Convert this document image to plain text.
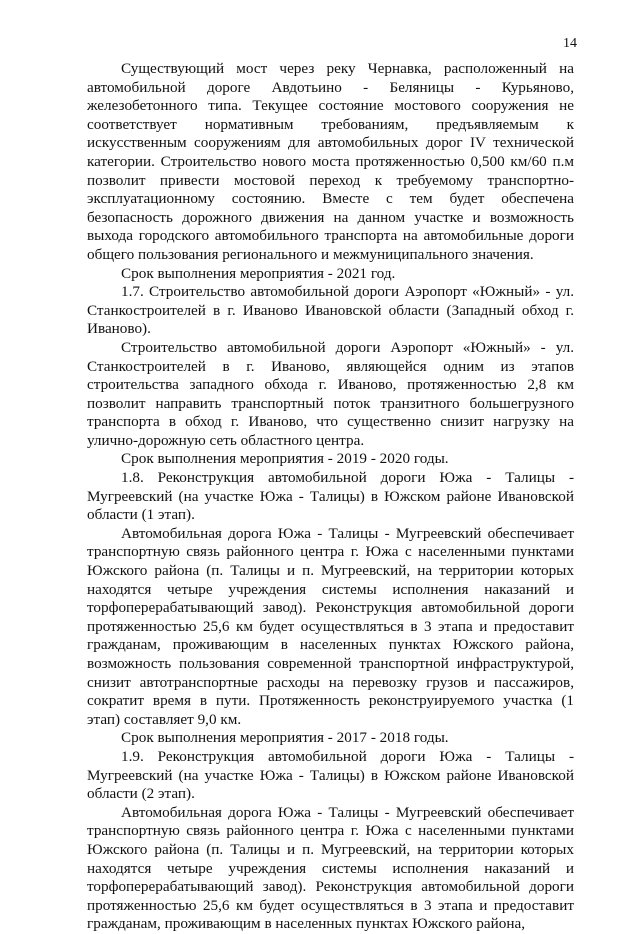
14

Существующий мост через реку Чернавка, расположенный на автомобильной дороге Авдотьино - Беляницы - Курьяново, железобетонного типа. Текущее состояние мостового сооружения не соответствует нормативным требованиям, предъявляемым к искусственным сооружениям для автомобильных дорог IV технической категории. Строительство нового моста протяженностью 0,500 км/60 п.м позволит привести мостовой переход к требуемому транспортно-эксплуатационному состоянию. Вместе с тем будет обеспечена безопасность дорожного движения на данном участке и возможность выхода городского автомобильного транспорта на автомобильные дороги общего пользования регионального и межмуниципального значения.

Срок выполнения мероприятия - 2021 год.

1.7. Строительство автомобильной дороги Аэропорт «Южный» - ул. Станкостроителей в г. Иваново Ивановской области (Западный обход г. Иваново).

Строительство автомобильной дороги Аэропорт «Южный» - ул. Станкостроителей в г. Иваново, являющейся одним из этапов строительства западного обхода г. Иваново, протяженностью 2,8 км позволит направить транспортный поток транзитного большегрузного транспорта в обход г. Иваново, что существенно снизит нагрузку на улично-дорожную сеть областного центра.

Срок выполнения мероприятия - 2019 - 2020 годы.

1.8. Реконструкция автомобильной дороги Южа - Талицы - Мугреевский (на участке Южа - Талицы) в Южском районе Ивановской области (1 этап).

Автомобильная дорога Южа - Талицы - Мугреевский обеспечивает транспортную связь районного центра г. Южа с населенными пунктами Южского района (п. Талицы и п. Мугреевский, на территории которых находятся четыре учреждения системы исполнения наказаний и торфоперерабатывающий завод). Реконструкция автомобильной дороги протяженностью 25,6 км будет осуществляться в 3 этапа и предоставит гражданам, проживающим в населенных пунктах Южского района, возможность пользования современной транспортной инфраструктурой, снизит автотранспортные расходы на перевозку грузов и пассажиров, сократит время в пути. Протяженность реконструируемого участка (1 этап) составляет 9,0 км.

Срок выполнения мероприятия - 2017 - 2018 годы.

1.9. Реконструкция автомобильной дороги Южа - Талицы - Мугреевский (на участке Южа - Талицы) в Южском районе Ивановской области (2 этап).

Автомобильная дорога Южа - Талицы - Мугреевский обеспечивает транспортную связь районного центра г. Южа с населенными пунктами Южского района (п. Талицы и п. Мугреевский, на территории которых находятся четыре учреждения системы исполнения наказаний и торфоперерабатывающий завод). Реконструкция автомобильной дороги протяженностью 25,6 км будет осуществляться в 3 этапа и предоставит гражданам, проживающим в населенных пунктах Южского района,
